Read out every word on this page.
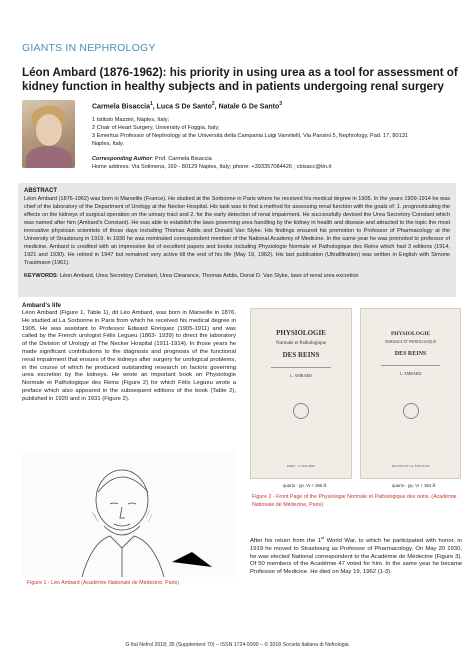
GIANTS IN NEPHROLOGY
Léon Ambard (1876-1962): his priority in using urea as a tool for assessment of kidney function in healthy subjects and in patients undergoing renal surgery
Carmela Bisaccia$^1$, Luca S De Santo$^2$, Natale G De Santo$^3$
1 Istituto Mazzini, Naples, Italy;
2 Chair of Heart Surgery, University of Foggia, Italy;
3 Emeritus Professor of Nephrology at the Università della Campania Luigi Vanvitelli, Via Pansini 5, Nephrology, Pad. 17, 80131
Naples, Italy.
Corresponding Author: Prof. Carmela Bisaccia
Home address: Via Solimena, 169 - 80129 Naples, Italy; phone: +393357084426 ; cbisacc@tin.it
ABSTRACT
Léon Ambard (1876-1962) was born in Marseille (France). He studied at the Sorbonne in Paris where he received his medical degree in 1905. In the years 1909-1914 he was chief of the laboratory of the Department of Urology at the Necker Hospital. His task was to find a method for assessing renal function with the goals of: 1. prognosticating the effects on the kidneys of surgical operation on the urinary tract and 2. for the early detection of renal impairment. He successfully devised the Urea Secretory Constant which was named after him (Ambard's Constant). He was able to establish the laws governing urea handling by the kidney in health and disease and attracted to the topic the most innovative physician scientists of those days including Thomas Addis and Donald Van Slyke. His findings ensured his promotion to Professor of Pharmacology at the University of Strasbourg in 1919. In 1930 he was nominated correspondent member of the National Academy of Medicine. In the same year he was promoted to professor of medicine. Ambard is credited with an impressive list of excellent papers and books including Physiologie Normale et Pathologique des Reins which had 3 editions (1914, 1921 and 1930). He retired in 1947 but remained very active till the end of his life (May 19, 1962). His last publication (Ultrafiltration) was written in English with Simone Trautmann (1961).
KEYWORDS: Léon Ambard, Urea Secretory Constant, Urea Clearance, Thomas Addis, Donal D. Van Slyke, laws of renal urea excretion
Ambard's life
Léon Ambard (Figure 1, Table 1), dit Léo Ambard, was born in Marseille in 1876. He studied at La Sorbonne in Paris from which he received his medical degree in 1905. He was assistant to Professor Edward Enriquez (1905-1911) and was called by the French urologist Félix Leguеu (1863- 1939) to direct the laboratory of the Division of Urology at The Necker Hospital (1911-1914). In those years he made significant contributions to the diagnosis and prognosis of the functional renal impairment that ensues of the kidneys after surgery for urological problems, in the course of which he produced outstanding research on factors governing urea excretion by the kidneys. He wrote an important book on Physiologie Normale et Pathologique des Reins (Figure 2) for which Félix Legueu wrote a preface which also appeared in the subsequent editions of the book (Table 2), published in 1920 and in 1931 (Figure 2).
Figure 1 - Léo Ambard (Académie Nationale de Médecine, Paris)
PHYSIOLOGIE
Normale et Pathologique
DES REINS
L. AMBARD
PARIS · A. MALOINE
quarto - pp. VI + 356 ill
PHYSIOLOGIE
NORMALE ET PATHOLOGIQUE
DES REINS
L. AMBARD
MASSON ET Cie, ÉDITEURS
quarto - pp. VI + 364 ill
Figure 2 - Front Page of the Physiologie Normale et Pathologique des reins. (Académie Nationale de Médecine, Paris)
After his return from the 1st World War, to which he participated with honor, in 1919 he moved to Strasbourg as Professor of Pharmacology. On May 20 1930, he was elected National correspondent to the Académie de Médecine (Figure 3). Of 50 members of the Académie 47 voted for him. In the same year he became Professor of Medicine. He died on May 19, 1962 (1-3).
G Ital Nefrol 2018; 35 (Supplement 70) – ISSN 1724-5990 – © 2018 Società Italiana di Nefrologia
